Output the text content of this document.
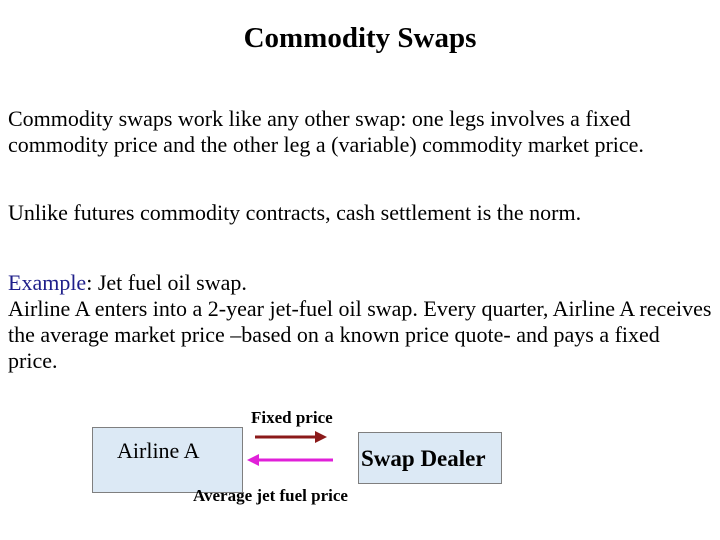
Commodity Swaps

Commodity swaps work like any other swap: one legs involves a fixed commodity price and the other leg a (variable) commodity market price.

Unlike futures commodity contracts, cash settlement is the norm.

Example: Jet fuel oil swap.
Airline A enters into a 2-year jet-fuel oil swap. Every quarter, Airline A receives the average market price –based on a known price quote- and pays a fixed price.
Fixed price
Airline A	Swap Dealer
Average jet fuel price
